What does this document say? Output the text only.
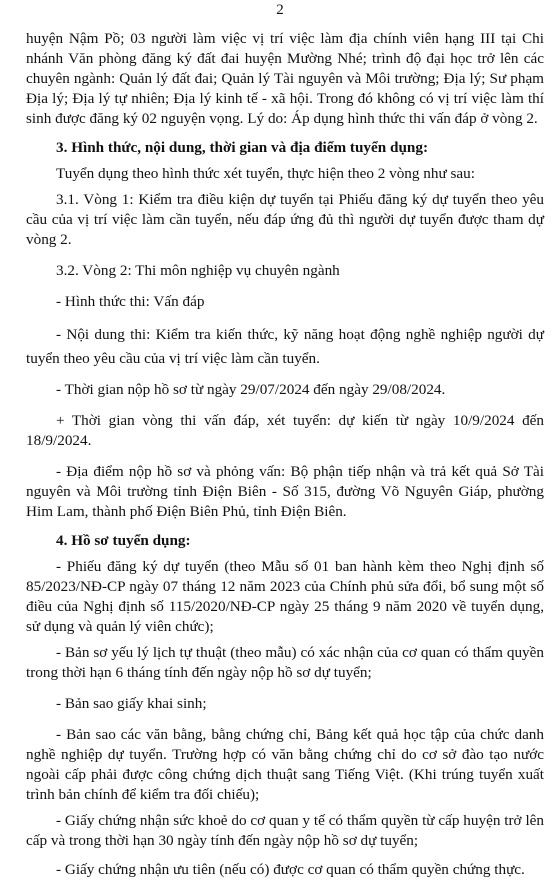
2

huyện Nậm Pồ; 03 người làm việc vị trí việc làm địa chính viên hạng III tại Chi nhánh Văn phòng đăng ký đất đai huyện Mường Nhé; trình độ đại học trở lên các chuyên ngành: Quản lý đất đai; Quản lý Tài nguyên và Môi trường; Địa lý; Sư phạm Địa lý; Địa lý tự nhiên; Địa lý kinh tế - xã hội. Trong đó không có vị trí việc làm thí sinh được đăng ký 02 nguyện vọng. Lý do: Áp dụng hình thức thi vấn đáp ở vòng 2.

3. Hình thức, nội dung, thời gian và địa điểm tuyển dụng:

Tuyển dụng theo hình thức xét tuyển, thực hiện theo 2 vòng như sau:

3.1. Vòng 1: Kiểm tra điều kiện dự tuyển tại Phiếu đăng ký dự tuyển theo yêu cầu của vị trí việc làm cần tuyển, nếu đáp ứng đủ thì người dự tuyển được tham dự vòng 2.

3.2. Vòng 2: Thi môn nghiệp vụ chuyên ngành

- Hình thức thi: Vấn đáp

- Nội dung thi: Kiểm tra kiến thức, kỹ năng hoạt động nghề nghiệp người dự tuyển theo yêu cầu của vị trí việc làm cần tuyển.

- Thời gian nộp hồ sơ từ ngày 29/07/2024 đến ngày 29/08/2024.

+ Thời gian vòng thi vấn đáp, xét tuyển: dự kiến từ ngày 10/9/2024 đến 18/9/2024.

- Địa điểm nộp hồ sơ và phỏng vấn: Bộ phận tiếp nhận và trả kết quả Sở Tài nguyên và Môi trường tỉnh Điện Biên - Số 315, đường Võ Nguyên Giáp, phường Him Lam, thành phố Điện Biên Phủ, tỉnh Điện Biên.

4. Hồ sơ tuyển dụng:

- Phiếu đăng ký dự tuyển (theo Mẫu số 01 ban hành kèm theo Nghị định số 85/2023/NĐ-CP ngày 07 tháng 12 năm 2023 của Chính phủ sửa đổi, bổ sung một số điều của Nghị định số 115/2020/NĐ-CP ngày 25 tháng 9 năm 2020 về tuyển dụng, sử dụng và quản lý viên chức);

- Bản sơ yếu lý lịch tự thuật (theo mẫu) có xác nhận của cơ quan có thẩm quyền trong thời hạn 6 tháng tính đến ngày nộp hồ sơ dự tuyển;

- Bản sao giấy khai sinh;

- Bản sao các văn bằng, bằng chứng chỉ, Bảng kết quả học tập của chức danh nghề nghiệp dự tuyển. Trường hợp có văn bằng chứng chỉ do cơ sở đào tạo nước ngoài cấp phải được công chứng dịch thuật sang Tiếng Việt. (Khi trúng tuyển xuất trình bản chính để kiểm tra đối chiếu);

- Giấy chứng nhận sức khoẻ do cơ quan y tế có thẩm quyền từ cấp huyện trở lên cấp và trong thời hạn 30 ngày tính đến ngày nộp hồ sơ dự tuyển;

- Giấy chứng nhận ưu tiên (nếu có) được cơ quan có thẩm quyền chứng thực.
